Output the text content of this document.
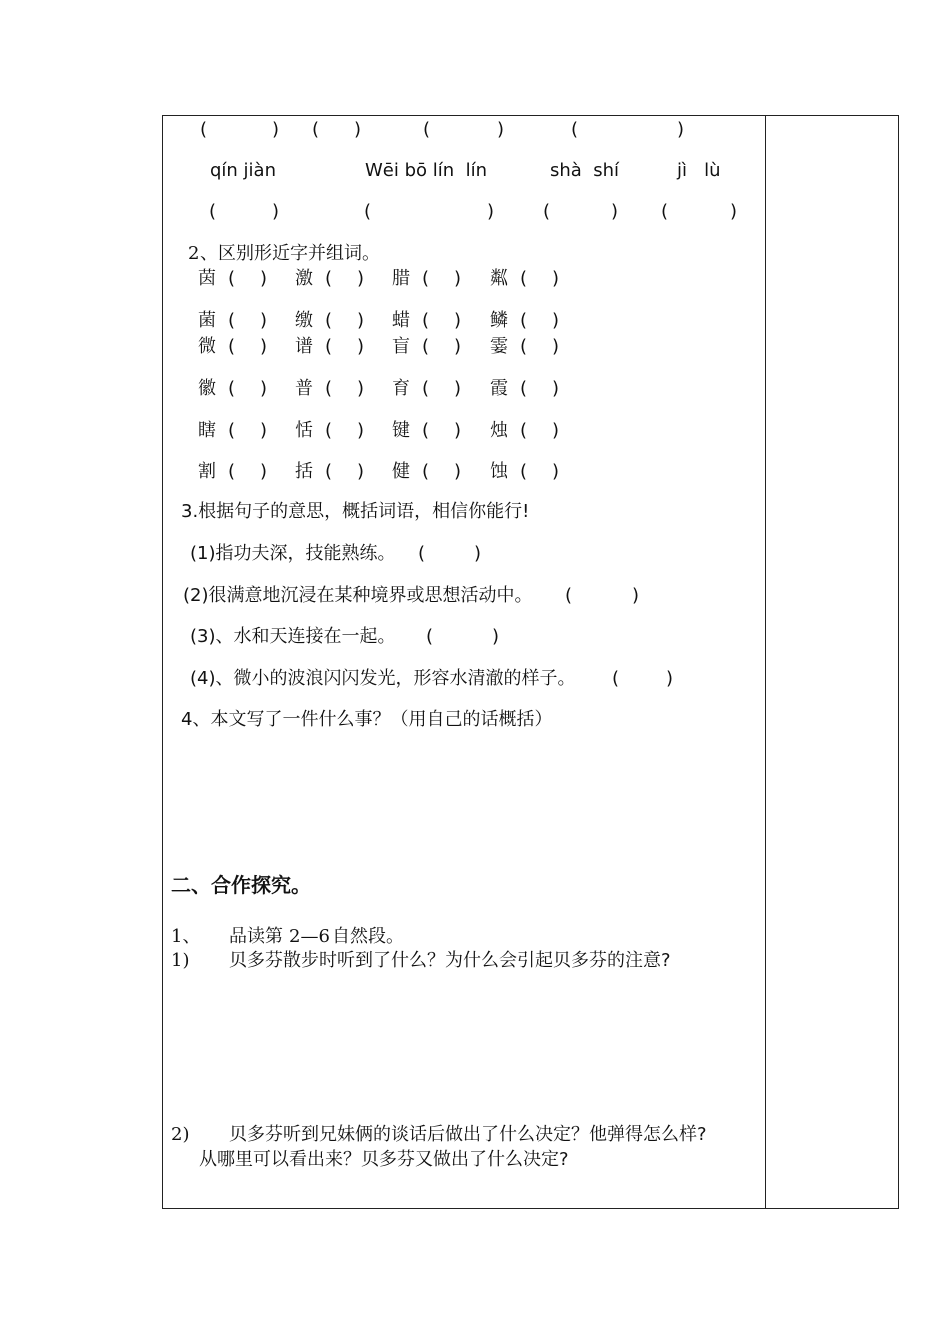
(	) ( )	(	)	(	)
qín jiàn	Wēi bō lín  lín	shà  shí	jì   lù
(	)	(	)	(	) (	)
2 、区别形近字并组词。
茵 ( ) 激 ( ) 腊 ( ) 粼 ( )
菌 ( ) 缴 ( ) 蜡 ( ) 鳞 ( )
微 ( ) 谱 ( ) 盲 ( ) 霎 ( )
徽 ( ) 普 ( ) 育 ( ) 霞 ( )
瞎 ( ) 恬 ( ) 键 ( ) 烛 ( )
割 ( ) 括 ( ) 健 ( ) 蚀 ( )
3.根据句子的意思，概括词语，相信你能行!
(1)指功夫深，技能熟练。 (	)
(2)很满意地沉浸在某种境界或思想活动中。 (	)
(3)、水和天连接在一起。 (	)
(4)、微小的波浪闪闪发光，形容水清澈的样子。 (	)
4、本文写了一件什么事？（用自己的话概括）
二、合作探究。
1、 品读第 2—6 自然段。
1) 贝多芬散步时听到了什么？为什么会引起贝多芬的注意?
2) 贝多芬听到兄妹俩的谈话后做出了什么决定？他弹得怎么样?
从哪里可以看出来？贝多芬又做出了什么决定?
